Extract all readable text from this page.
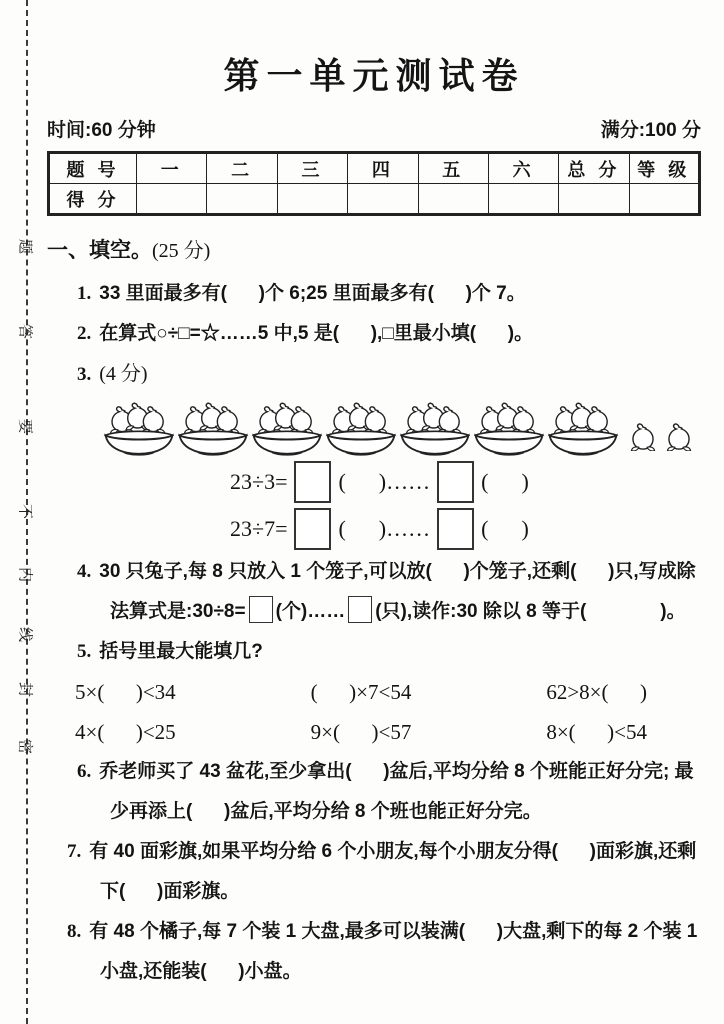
题
答
要
不
内
线
封
密
第一单元测试卷
时间:60 分钟	满分:100 分
题 号	一	二	三	四	五	六	总 分	等 级
得 分								
一、填空。(25 分)
1. 33 里面最多有(      )个 6;25 里面最多有(      )个 7。
2. 在算式○÷□=☆……5 中,5 是(      ),□里最小填(      )。
3. (4 分)
23÷3= (      )…… (      )
23÷7= (      )…… (      )
4. 30 只兔子,每 8 只放入 1 个笼子,可以放(      )个笼子,还剩(      )只,写成除法算式是:30÷8= (个)…… (只),读作:30 除以 8 等于(              )。
5. 括号里最大能填几?
5×(      )<34	(      )×7<54	62>8×(      )
4×(      )<25	9×(      )<57	8×(      )<54
6. 乔老师买了 43 盆花,至少拿出(      )盆后,平均分给 8 个班能正好分完; 最少再添上(      )盆后,平均分给 8 个班也能正好分完。
7. 有 40 面彩旗,如果平均分给 6 个小朋友,每个小朋友分得(      )面彩旗,还剩下(      )面彩旗。
8. 有 48 个橘子,每 7 个装 1 大盘,最多可以装满(      )大盘,剩下的每 2 个装 1 小盘,还能装(      )小盘。
